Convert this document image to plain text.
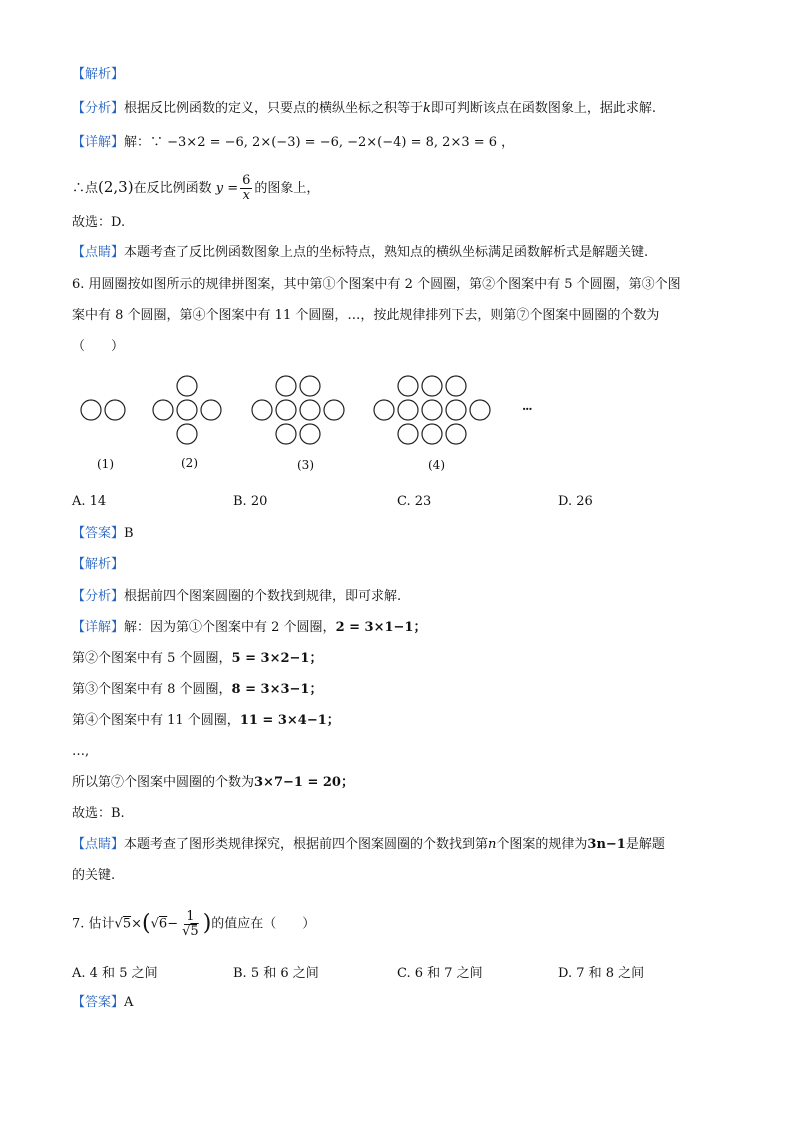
【解析】
【分析】根据反比例函数的定义，只要点的横纵坐标之积等于k即可判断该点在函数图象上，据此求解.
【详解】解：∵ −3×2 = −6, 2×(−3) = −6, −2×(−4) = 8, 2×3 = 6 ，
∴点(2,3)在反比例函数 $y = \frac{6}{x}$ 的图象上，
故选：D.
【点睛】本题考查了反比例函数图象上点的坐标特点，熟知点的横纵坐标满足函数解析式是解题关键.
6. 用圆圈按如图所示的规律拼图案，其中第①个图案中有 2 个圆圈，第②个图案中有 5 个圆圈，第③个图
案中有 8 个圆圈，第④个图案中有 11 个圆圈，…，按此规律排列下去，则第⑦个图案中圆圈的个数为
（　　）
(1)	(2)	(3)	(4)
···
A. 14	B. 20	C. 23	D. 26
【答案】B
【解析】
【分析】根据前四个图案圆圈的个数找到规律，即可求解.
【详解】解：因为第①个图案中有 2 个圆圈，2 = 3×1−1；
第②个图案中有 5 个圆圈，5 = 3×2−1；
第③个图案中有 8 个圆圈，8 = 3×3−1；
第④个图案中有 11 个圆圈，11 = 3×4−1；
…,
所以第⑦个图案中圆圈的个数为3×7−1 = 20；
故选：B.
【点睛】本题考查了图形类规律探究，根据前四个图案圆圈的个数找到第n个图案的规律为3n−1是解题
的关键.
7. 估计$√5\times(√6- \frac{1}{√5}$ )的值应在（　　）
A. 4 和 5 之间	B. 5 和 6 之间	C. 6 和 7 之间	D. 7 和 8 之间
【答案】A
